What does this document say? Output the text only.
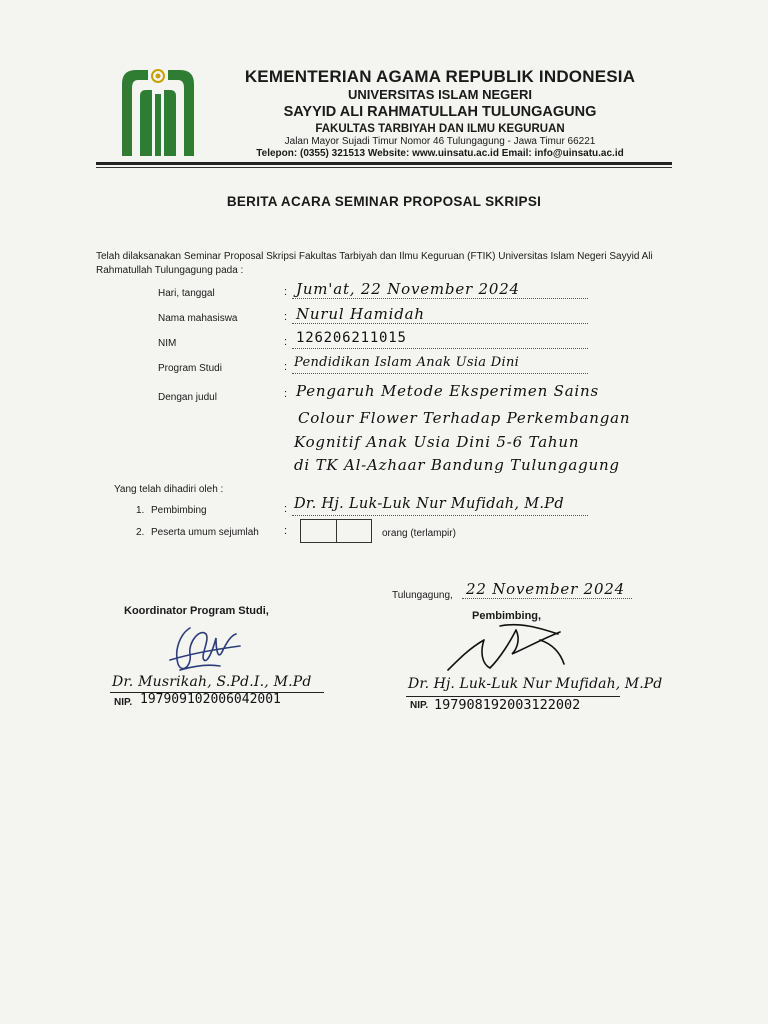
KEMENTERIAN AGAMA REPUBLIK INDONESIA
UNIVERSITAS ISLAM NEGERI
SAYYID ALI RAHMATULLAH TULUNGAGUNG
FAKULTAS TARBIYAH DAN ILMU KEGURUAN
Jalan Mayor Sujadi Timur Nomor 46 Tulungagung - Jawa Timur 66221
Telepon: (0355) 321513 Website: www.uinsatu.ac.id Email: info@uinsatu.ac.id
BERITA ACARA SEMINAR PROPOSAL SKRIPSI
Telah dilaksanakan Seminar Proposal Skripsi Fakultas Tarbiyah dan Ilmu Keguruan (FTIK) Universitas Islam Negeri Sayyid Ali Rahmatullah Tulungagung pada :
Hari, tanggal	: Jum'at, 22 November 2024
Nama mahasiswa	: Nurul Hamidah
NIM	: 126206211015
Program Studi	: Pendidikan Islam Anak Usia Dini
Dengan judul	: Pengaruh Metode Eksperimen Sains
Colour Flower Terhadap Perkembangan
Kognitif Anak Usia Dini 5-6 Tahun
di TK Al-Azhaar Bandung Tulungagung
Yang telah dihadiri oleh :
1. Pembimbing	: Dr. Hj. Luk-Luk Nur Mufidah, M.Pd
2. Peserta umum sejumlah :	orang (terlampir)
Tulungagung, 22 November 2024
Koordinator Program Studi,	Pembimbing,
Dr. Musrikah, S.Pd.I., M.Pd
NIP. 197909102006042001
Dr. Hj. Luk-Luk Nur Mufidah, M.Pd
NIP. 197908192003122002
